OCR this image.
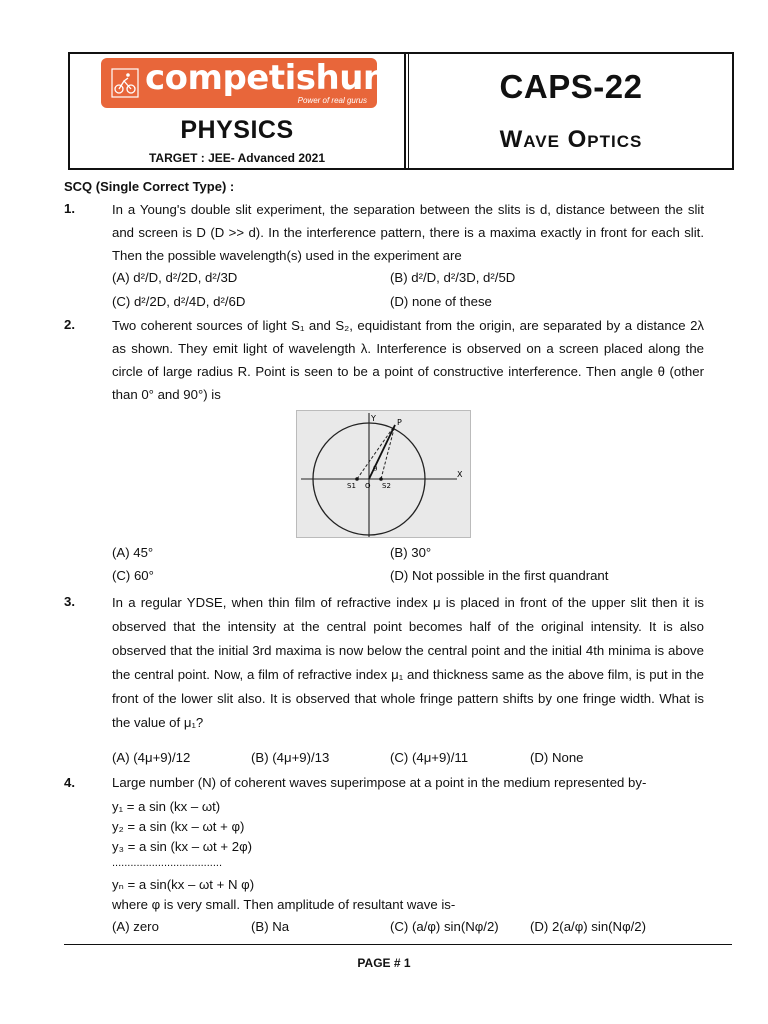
competishun
Power of real gurus
PHYSICS
TARGET : JEE- Advanced 2021
CAPS-22
Wave Optics
SCQ (Single Correct Type) :
1.	In a Young's double slit experiment, the separation between the slits is d, distance between the slit and screen is D (D >> d). In the interference pattern, there is a maxima exactly in front for each slit. Then the possible wavelength(s) used in the experiment are
(A) d²/D, d²/2D, d²/3D	(B) d²/D, d²/3D, d²/5D
(C) d²/2D, d²/4D, d²/6D	(D) none of these
2.	Two coherent sources of light S₁ and S₂, equidistant from the origin, are separated by a distance 2λ as shown. They emit light of wavelength λ. Interference is observed on a screen placed along the circle of large radius R. Point is seen to be a point of constructive interference. Then angle θ (other than 0° and 90°) is
Y
X
P
S1 O S2
θ
(A) 45°	(B) 30°
(C) 60°	(D) Not possible in the first quandrant
3.	In a regular YDSE, when thin film of refractive index μ is placed in front of the upper slit then it is observed that the intensity at the central point becomes half of the original intensity. It is also observed that the initial 3rd maxima is now below the central point and the initial 4th minima is above the central point. Now, a film of refractive index μ₁ and thickness same as the above film, is put in the front of the lower slit also. It is observed that whole fringe pattern shifts by one fringe width. What is the value of μ₁?
(A) (4μ+9)/12	(B) (4μ+9)/13	(C) (4μ+9)/11	(D) None
4.	Large number (N) of coherent waves superimpose at a point in the medium represented by-
y₁ = a sin (kx – ωt)
y₂ = a sin (kx – ωt + φ)
y₃ = a sin (kx – ωt + 2φ)
....................................
yₙ = a sin(kx – ωt + N φ)
where φ is very small. Then amplitude of resultant wave is-
(A) zero	(B) Na	(C) (a/φ) sin(Nφ/2) (D) 2(a/φ) sin(Nφ/2)
PAGE # 1
